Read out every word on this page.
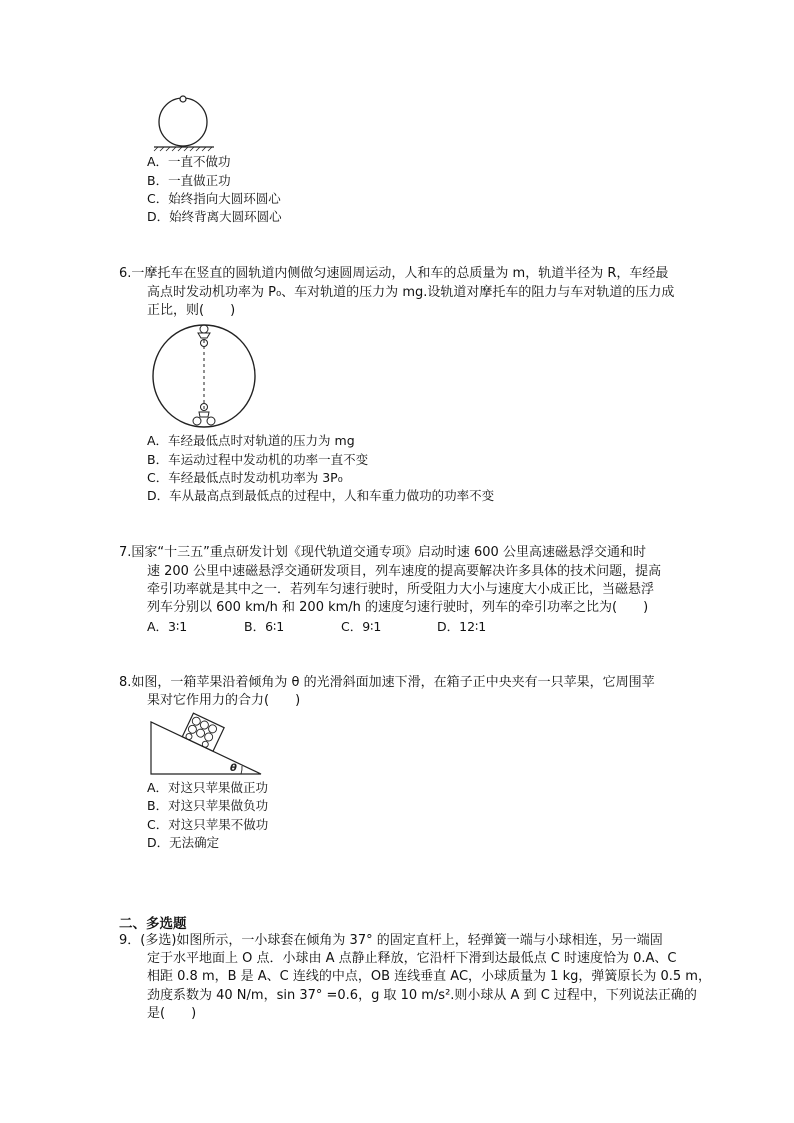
A．一直不做功
B．一直做正功
C．始终指向大圆环圆心
D．始终背离大圆环圆心
6.一摩托车在竖直的圆轨道内侧做匀速圆周运动，人和车的总质量为 m，轨道半径为 R，车经最
高点时发动机功率为 P₀、车对轨道的压力为 mg.设轨道对摩托车的阻力与车对轨道的压力成
正比，则(　　)
A．车经最低点时对轨道的压力为 mg
B．车运动过程中发动机的功率一直不变
C．车经最低点时发动机功率为 3P₀
D．车从最高点到最低点的过程中，人和车重力做功的功率不变
7.国家“十三五”重点研发计划《现代轨道交通专项》启动时速 600 公里高速磁悬浮交通和时
速 200 公里中速磁悬浮交通研发项目，列车速度的提高要解决许多具体的技术问题，提高
牵引功率就是其中之一．若列车匀速行驶时，所受阻力大小与速度大小成正比，当磁悬浮
列车分别以 600 km/h 和 200 km/h 的速度匀速行驶时，列车的牵引功率之比为(　　)
A．3∶1	B．6∶1	C．9∶1	D．12∶1
8.如图，一箱苹果沿着倾角为 θ 的光滑斜面加速下滑，在箱子正中央夹有一只苹果，它周围苹
果对它作用力的合力(　　)
θ
A．对这只苹果做正功
B．对这只苹果做负功
C．对这只苹果不做功
D．无法确定
二、多选题
9．(多选)如图所示，一小球套在倾角为 37° 的固定直杆上，轻弹簧一端与小球相连，另一端固
定于水平地面上 O 点．小球由 A 点静止释放，它沿杆下滑到达最低点 C 时速度恰为 0.A、C
相距 0.8 m，B 是 A、C 连线的中点，OB 连线垂直 AC，小球质量为 1 kg，弹簧原长为 0.5 m，
劲度系数为 40 N/m，sin 37° =0.6，g 取 10 m/s².则小球从 A 到 C 过程中，下列说法正确的
是(　　)
